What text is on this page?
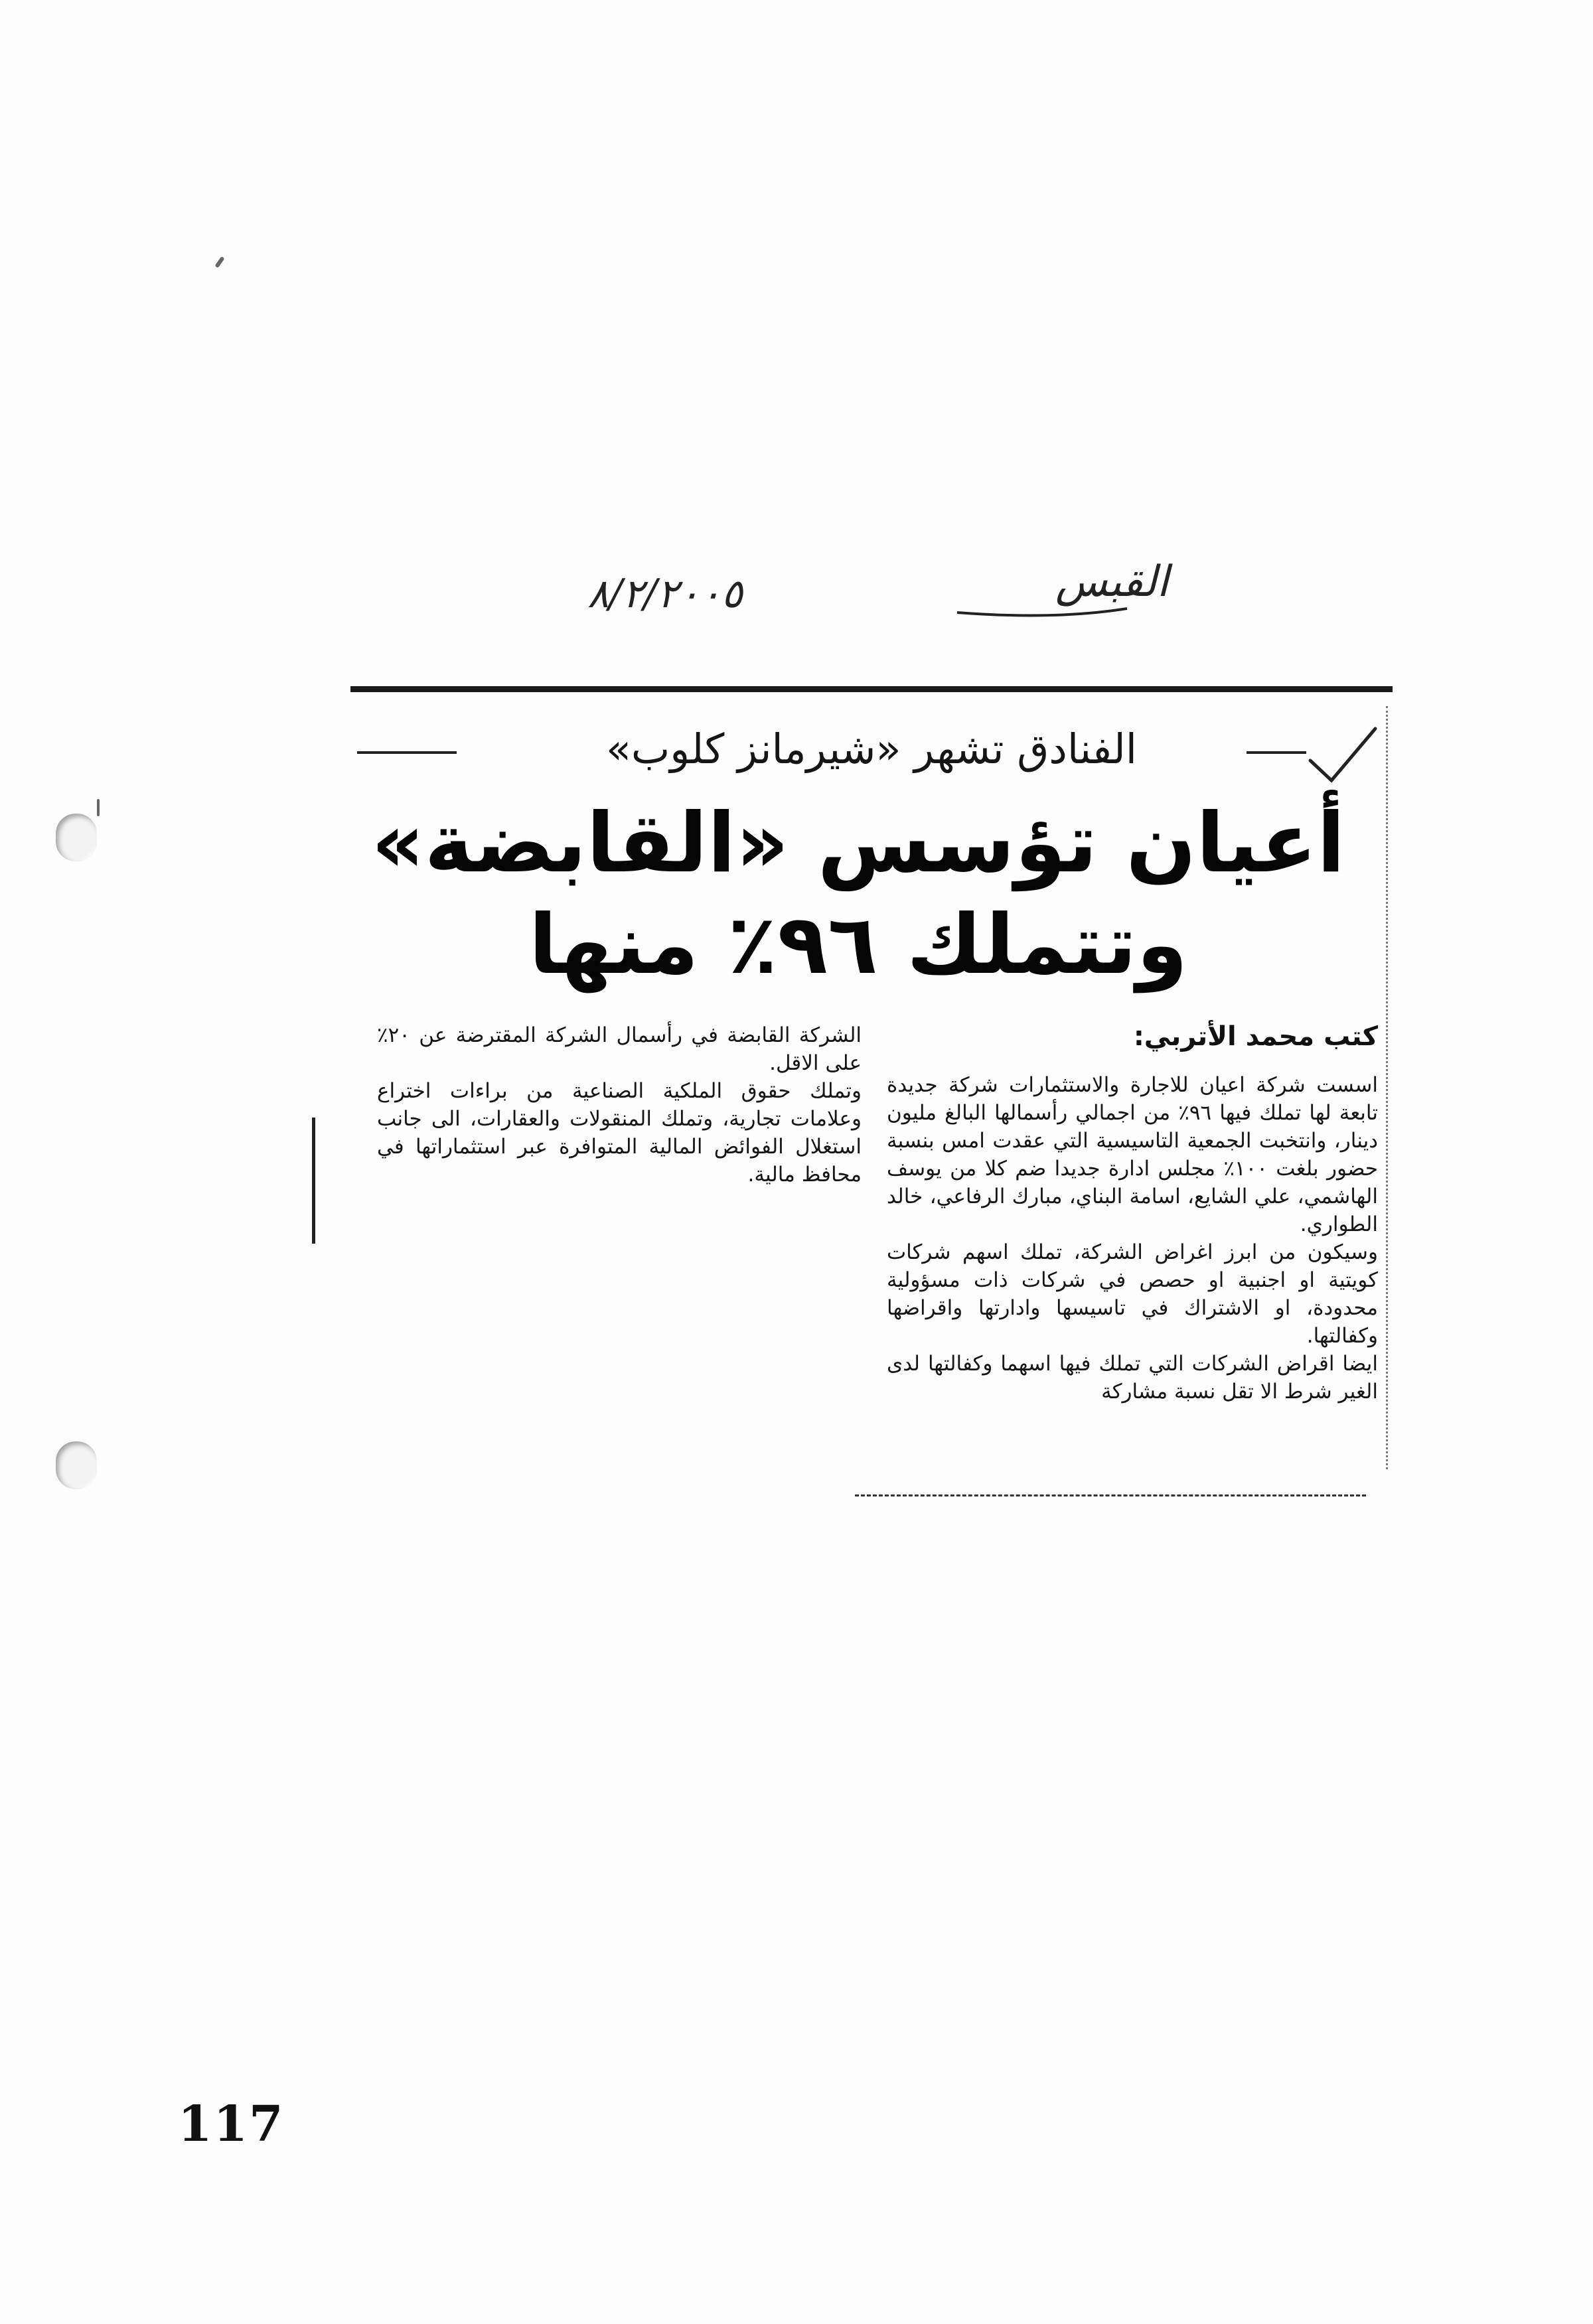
٨/٢/٢٠٠٥	القبس
الفنادق تشهر «شيرمانز كلوب»
أعيان تؤسس «القابضة»
وتتملك ٩٦٪ منها
كتب محمد الأتربي:

اسست شركة اعيان للاجارة والاستثمارات شركة جديدة تابعة لها تملك فيها ٩٦٪ من اجمالي رأسمالها البالغ مليون دينار، وانتخبت الجمعية التاسيسية التي عقدت امس بنسبة حضور بلغت ١٠٠٪ مجلس ادارة جديدا ضم كلا من يوسف الهاشمي، علي الشايع، اسامة البناي، مبارك الرفاعي، خالد الطواري.

وسيكون من ابرز اغراض الشركة، تملك اسهم شركات كويتية او اجنبية او حصص في شركات ذات مسؤولية محدودة، او الاشتراك في تاسيسها وادارتها واقراضها وكفالتها.

ايضا اقراض الشركات التي تملك فيها اسهما وكفالتها لدى الغير شرط الا تقل نسبة مشاركة

الشركة القابضة في رأسمال الشركة المقترضة عن ٢٠٪ على الاقل.

وتملك حقوق الملكية الصناعية من براءات اختراع وعلامات تجارية، وتملك المنقولات والعقارات، الى جانب استغلال الفوائض المالية المتوافرة عبر استثماراتها في محافظ مالية.

117
